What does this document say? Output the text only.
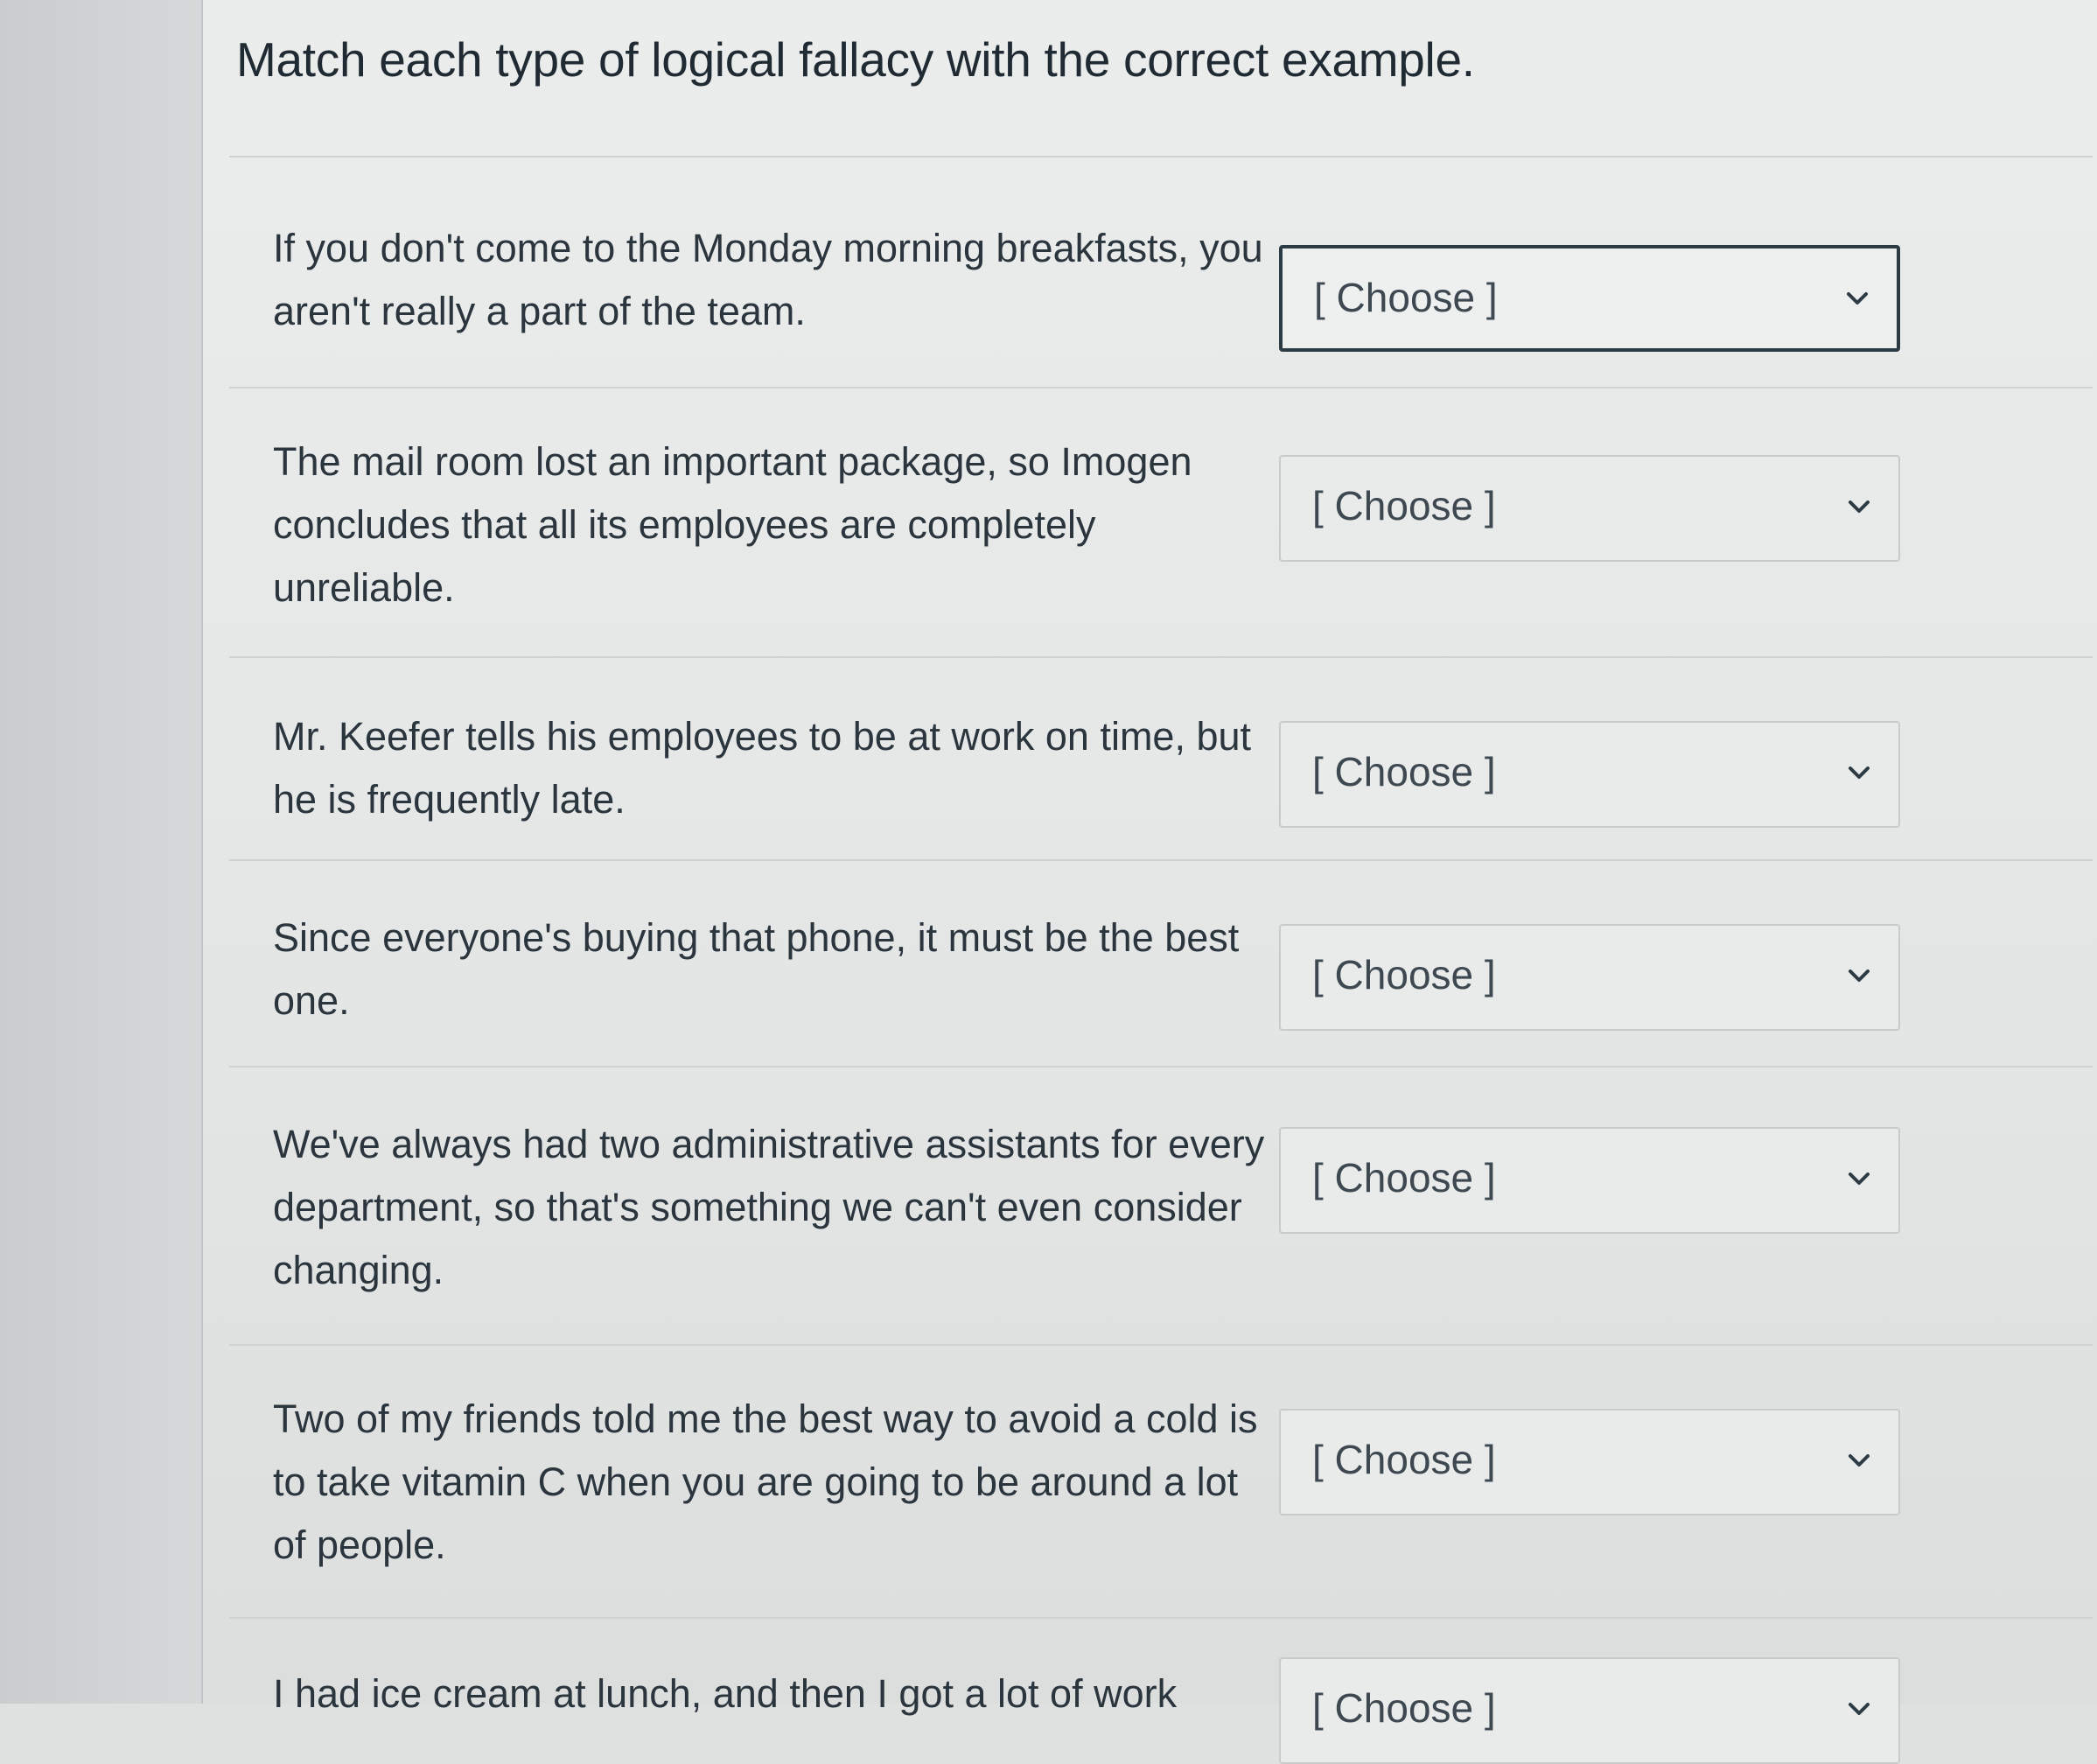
Match each type of logical fallacy with the correct example.

If you don't come to the Monday morning breakfasts, you aren't really a part of the team.	[ Choose ]

The mail room lost an important package, so Imogen concludes that all its employees are completely unreliable.

[ Choose ]

Mr. Keefer tells his employees to be at work on time, but he is frequently late.

[ Choose ]

Since everyone's buying that phone, it must be the best one.

[ Choose ]

We've always had two administrative assistants for every department, so that's something we can't even consider changing.

[ Choose ]

Two of my friends told me the best way to avoid a cold is to take vitamin C when you are going to be around a lot of people.

[ Choose ]

I had ice cream at lunch, and then I got a lot of work	[ Choose ]
